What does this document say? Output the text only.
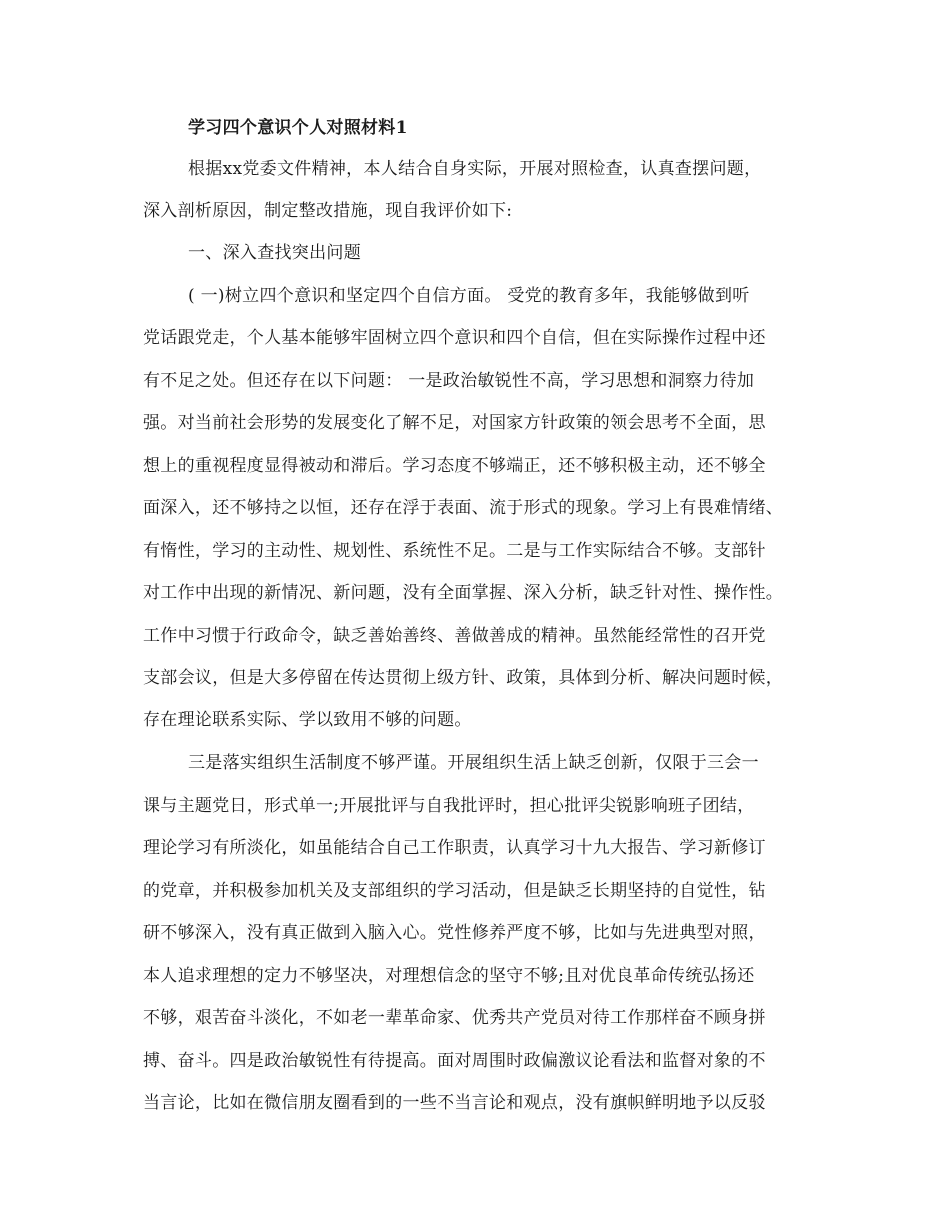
学习四个意识个人对照材料1
根据xx党委文件精神，本人结合自身实际，开展对照检查，认真查摆问题，
深入剖析原因，制定整改措施，现自我评价如下:
一、深入查找突出问题
( 一)树立四个意识和坚定四个自信方面。 受党的教育多年，我能够做到听
党话跟党走，个人基本能够牢固树立四个意识和四个自信，但在实际操作过程中还
有不足之处。但还存在以下问题： 一是政治敏锐性不高，学习思想和洞察力待加
强。对当前社会形势的发展变化了解不足，对国家方针政策的领会思考不全面，思
想上的重视程度显得被动和滞后。学习态度不够端正，还不够积极主动，还不够全
面深入，还不够持之以恒，还存在浮于表面、流于形式的现象。学习上有畏难情绪、
有惰性，学习的主动性、规划性、系统性不足。二是与工作实际结合不够。支部针
对工作中出现的新情况、新问题，没有全面掌握、深入分析，缺乏针对性、操作性。
工作中习惯于行政命令，缺乏善始善终、善做善成的精神。虽然能经常性的召开党
支部会议，但是大多停留在传达贯彻上级方针、政策，具体到分析、解决问题时候，
存在理论联系实际、学以致用不够的问题。
三是落实组织生活制度不够严谨。开展组织生活上缺乏创新，仅限于三会一
课与主题党日，形式单一;开展批评与自我批评时，担心批评尖锐影响班子团结，
理论学习有所淡化，如虽能结合自己工作职责，认真学习十九大报告、学习新修订
的党章，并积极参加机关及支部组织的学习活动，但是缺乏长期坚持的自觉性，钻
研不够深入，没有真正做到入脑入心。党性修养严度不够，比如与先进典型对照，
本人追求理想的定力不够坚决，对理想信念的坚守不够;且对优良革命传统弘扬还
不够，艰苦奋斗淡化，不如老一辈革命家、优秀共产党员对待工作那样奋不顾身拼
搏、奋斗。四是政治敏锐性有待提高。面对周围时政偏激议论看法和监督对象的不
当言论，比如在微信朋友圈看到的一些不当言论和观点，没有旗帜鲜明地予以反驳
